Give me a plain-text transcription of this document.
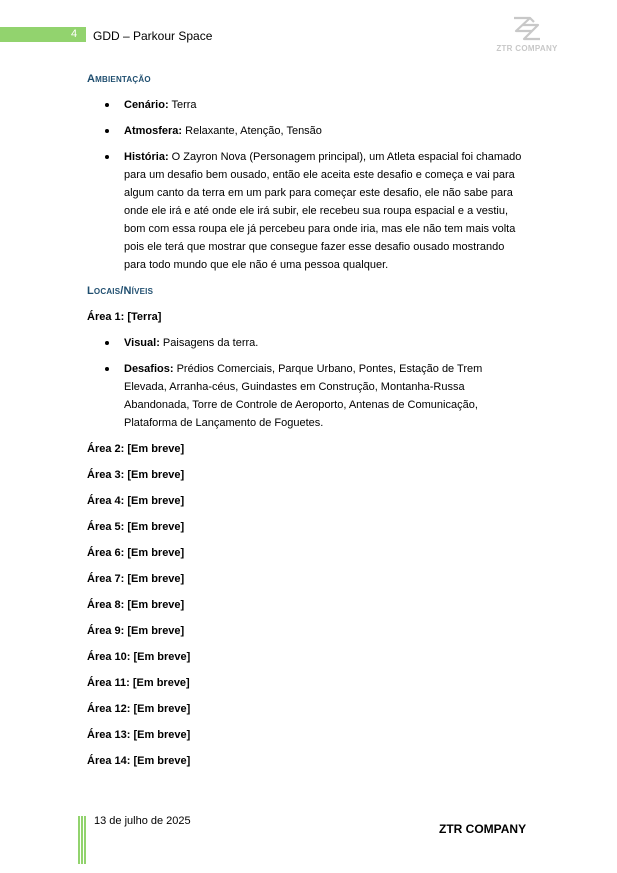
4 GDD – Parkour Space
ZTR COMPANY
Ambientação
Cenário: Terra
Atmosfera: Relaxante, Atenção, Tensão
História: O Zayron Nova (Personagem principal), um Atleta espacial foi chamado para um desafio bem ousado, então ele aceita este desafio e começa e vai para algum canto da terra em um park para começar este desafio, ele não sabe para onde ele irá e até onde ele irá subir, ele recebeu sua roupa espacial e a vestiu, bom com essa roupa ele já percebeu para onde iria, mas ele não tem mais volta pois ele terá que mostrar que consegue fazer esse desafio ousado mostrando para todo mundo que ele não é uma pessoa qualquer.
Locais/Níveis
Área 1: [Terra]
Visual: Paisagens da terra.
Desafios: Prédios Comerciais, Parque Urbano, Pontes, Estação de Trem Elevada, Arranha-céus, Guindastes em Construção, Montanha-Russa Abandonada, Torre de Controle de Aeroporto, Antenas de Comunicação, Plataforma de Lançamento de Foguetes.
Área 2: [Em breve]
Área 3: [Em breve]
Área 4: [Em breve]
Área 5: [Em breve]
Área 6: [Em breve]
Área 7: [Em breve]
Área 8: [Em breve]
Área 9: [Em breve]
Área 10: [Em breve]
Área 11: [Em breve]
Área 12: [Em breve]
Área 13: [Em breve]
Área 14: [Em breve]
13 de julho de 2025
ZTR COMPANY
